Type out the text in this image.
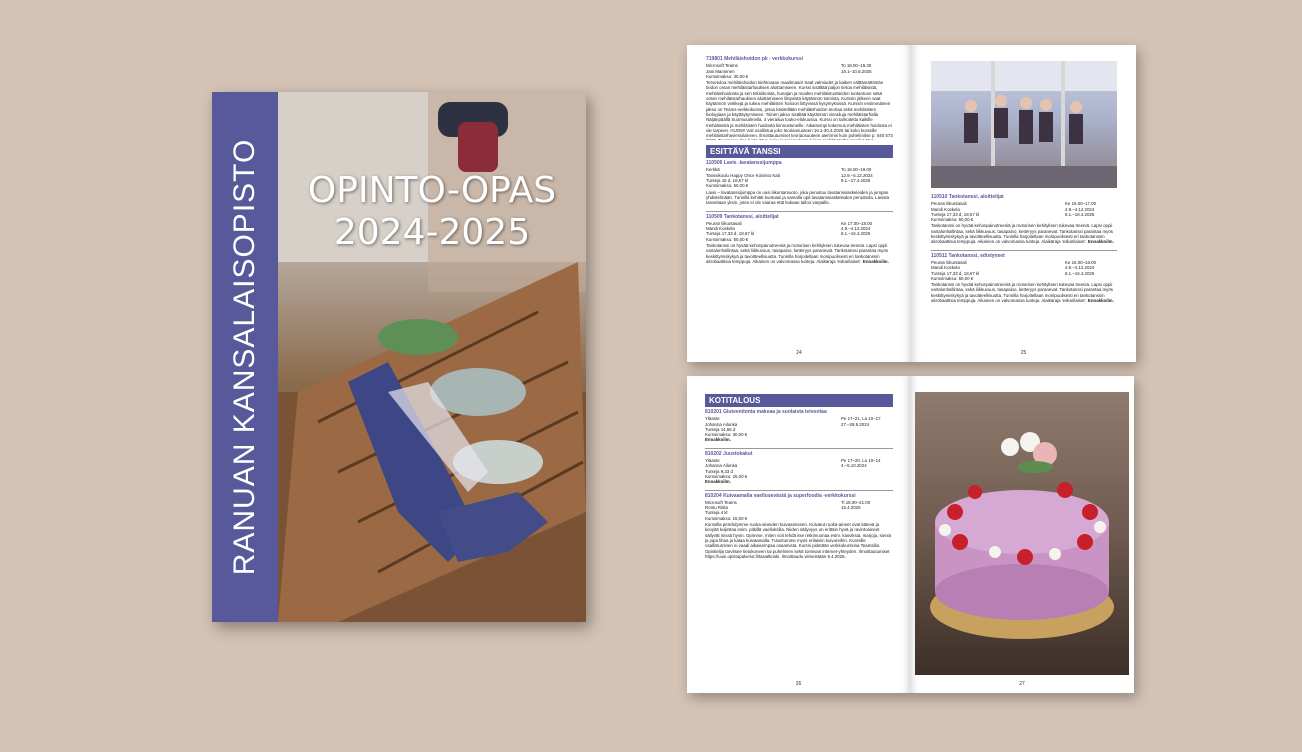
RANUAN KANSALAISOPISTO	OPINTO-OPAS
2024-2025
719801 Mehiläishoidon pk - verkkokurssi
Microsoft Teams	To 18.00–19.30
Jani Manninen	16.1–10.8.2025
Kurssimaksu: 30,00 €
Tervetuloa mehiläishoidon kiehtovaan maailmaan! Saat valmiudet ja kaiken välttämättömän tiedon oman mehiläistarhauksen aloittamiseen. Kurssi sisältää paljon tietoa mehiläisistä, mehiläishoidosta ja sen tekniikoista, hunajan ja muiden mehiläistuotteiden tuotantoon sekä oman mehiläistarhauksen aloittamiseen liittyvistä käytännön toimista. Kurssin jälkeen saat käytännön vinkkejä ja tukea mehiläisten hoitoon liittyvissä kysymyksissä. Kurssin ensimmäinen jakso on Teams-verkkokurssi, jossa käsitellään mehiläishoidon teoriaa sekä mehiläisten biologiaan ja käyttäytymiseen. Toinen jakso sisältää käytännön vierailuja mehiläistarhalla Näljänpäällä Suomusalmella. 4 vierailua touko-elokuussa. Kurssi on tarkoitettu kaikille mehiläisistä ja mehiläisten hoidosta kiinnostuneille. Aikaisempi kokemus mehiläisten hoidosta ei ole tarpeen. HUOM! Voit osallistua joko teoriaosuuteen 16.1-30.4.2025 tai koko kurssille mehiläistarhavierailuineen. Ilmoittautumiset teoriaosuuteen aiemmin kuin puhelimitse p. 040 573
ESITTÄVÄ TANSSI
110506 Lavis -lavatanssijumppa
Kerkkä	To 18.00–19.00
Tanssikoulu Happy Once Koivisto Kati	12.9.–5.12.2024
Tunteja 16 d, 18,67 kl	9.1.–17.4.2025
Kurssimaksu: 50,00 €
Lavis – lavatanssijumppa on uusi liikuntamuoto, joka perustuu lavatanssiaskeleiden ja jumpan yhdistelmään. Tunnilla kehität kuntoasi ja samalla opit lavatanssiaskeleiden perusteita. Lavista tanssitaan yksin, joten ei ole vaaraa että kukaan talloo varpaille.
110509 Tankotanssi, aloittelijat
Peuran liikuntasali	Ke 17.00–18.00
Mandi Koskela	4.9.–4.12.2024
Tunteja 17,33 d, 18,67 kl	8.1.–16.4.2025
Kurssimaksu: 50,00 €
Tankotanssi on hyvää kehonpainotreeniä ja motorisen kehityksen tukevaa treeniä. Lapsi oppii vartalonhallintaa, sekä liikkuvuus, tasapaino, ketteryys paranevat. Tankotanssi parantaa myös keskittymiskykyä ja tavoitteellisuutta. Tunnilla harjoitellaan monipuolisesti eri tankotanssin akrobaattisia temppuja. Aikainen on valvomassa tunteja. Alaikäraja 'eskarilaiset'. Ennakkoilm.
24
110510 Tankotanssi, aloittelijat
Peuran liikuntasali	Ke 16.00–17.00
Mandi Koskela	4.9.–4.12.2024
Tunteja 17,33 d, 18,67 kl	8.1.–16.4.2025
Kurssimaksu: 50,00 €
Tankotanssi on hyvää kehonpainotreeniä ja motorisen kehityksen tukevaa treeniä. Lapsi oppii vartalonhallintaa, sekä liikkuvuus, tasapaino, ketteryys paranevat. Tankotanssi parantaa myös keskittymiskykyä ja tavoitteellisuutta. Tunnilla harjoitellaan monipuolisesti eri tankotanssin akrobaattisia temppuja. Aikainen on valvomassa tunteja. Alaikäraja 'eskarilaiset'. Ennakkoilm.
110511 Tankotanssi, edistyneet
Peuran liikuntasali	Ke 15.00–16.00
Mandi Koskela	4.9.–4.12.2024
Tunteja 17,33 d, 18,67 kl	8.1.–16.4.2025
Kurssimaksu: 50,00 €
Tankotanssi on hyvää kehonpainotreeniä ja motorisen kehityksen tukevaa treeniä. Lapsi oppii vartalonhallintaa, sekä liikkuvuus, tasapaino, ketteryys paranevat. Tankotanssi parantaa myös keskittymiskykyä ja tavoitteellisuutta. Tunnilla harjoitellaan monipuolisesti eri tankotanssin akrobaattisia temppuja. Aikainen on valvomassa tunteja. Alaikäraja 'eskarilaiset'. Ennakkoilm.
25
KOTITALOUS
810201 Gluteenitonta makeaa ja suolaista leivontaa
Yläaste	Pe 17–21, La 10–17
Johanna Ailunka	27.–28.9.2024
Tunteja 14,66 d
Kurssimaksu: 30,00 €
Ennakkoilm.
810202 Juustokakut
Yläaste	Pe 17–20, La 10–14
Johanna Ailunka	4.–5.10.2024
Tunteja 9,33 d
Kurssimaksu: 25,00 €
Ennakkoilm.
810204 Kuivaamalla vaellusevästä ja superfoodia -verkkokurssi
Microsoft Teams	Ti 18.00–21.00
Rontu Riitta	15.4.2025
Tunteja 4 kl
Kurssimaksu: 15,00 €
Kurssilla perehdymme ruoka-aineiden kuivaamiseen. Kuivatut ruoka-aineet ovat kätevä ja kevyitä kuljettaa esim. pitkillä vaelluksilla. Niiden säilyvyys on erittäin hyvä ja ravintoaineet säilyvät niissä hyvin. Opimme, miten voit tehdä itse retkimuonaa esim. kasviksia, marjoja, sieniä ja jopa lihaa ja kalaa kuivaamalla. Tutustumme myös erilaisiin kuivureihin. Kurssille osallistuminen ei vaadi aikaisempaa osaamista. Kurssi pidetään verkkokurssina Teamsilla. Opiskelija tarvitsee tietokoneen tai puhelimen sekä toimivan internet-yhteyden. Ilmoittautumiset https://uusi.opistopalvelut.fi/taivalkoski. Ilmoittaudu viimeistään 9.4.2025.
26	27
